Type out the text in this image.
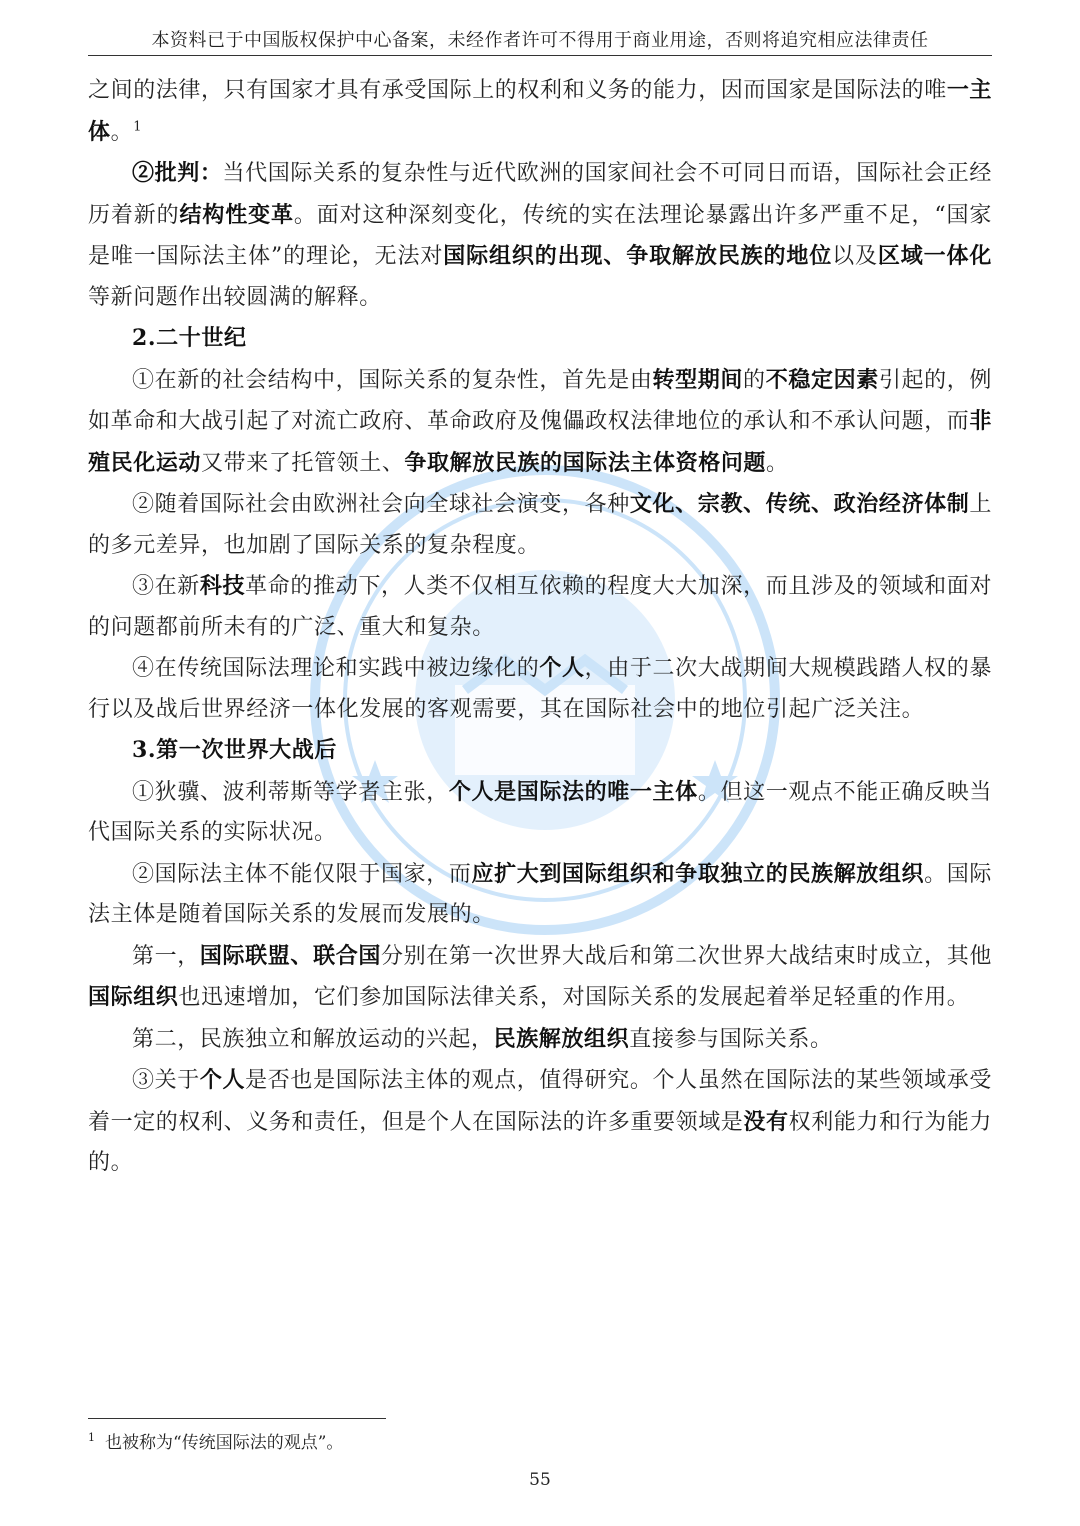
本资料已于中国版权保护中心备案，未经作者许可不得用于商业用途，否则将追究相应法律责任

之间的法律，只有国家才具有承受国际上的权利和义务的能力，因而国家是国际法的唯一主体。$^1$

②批判：当代国际关系的复杂性与近代欧洲的国家间社会不可同日而语，国际社会正经历着新的结构性变革。面对这种深刻变化，传统的实在法理论暴露出许多严重不足，“国家是唯一国际法主体”的理论，无法对国际组织的出现、争取解放民族的地位以及区域一体化等新问题作出较圆满的解释。

2.二十世纪

①在新的社会结构中，国际关系的复杂性，首先是由转型期间的不稳定因素引起的，例如革命和大战引起了对流亡政府、革命政府及傀儡政权法律地位的承认和不承认问题，而非殖民化运动又带来了托管领土、争取解放民族的国际法主体资格问题。

②随着国际社会由欧洲社会向全球社会演变，各种文化、宗教、传统、政治经济体制上的多元差异，也加剧了国际关系的复杂程度。

③在新科技革命的推动下，人类不仅相互依赖的程度大大加深，而且涉及的领域和面对的问题都前所未有的广泛、重大和复杂。

④在传统国际法理论和实践中被边缘化的个人，由于二次大战期间大规模践踏人权的暴行以及战后世界经济一体化发展的客观需要，其在国际社会中的地位引起广泛关注。

3.第一次世界大战后

①狄骥、波利蒂斯等学者主张，个人是国际法的唯一主体。但这一观点不能正确反映当代国际关系的实际状况。

②国际法主体不能仅限于国家，而应扩大到国际组织和争取独立的民族解放组织。国际法主体是随着国际关系的发展而发展的。

第一，国际联盟、联合国分别在第一次世界大战后和第二次世界大战结束时成立，其他国际组织也迅速增加，它们参加国际法律关系，对国际关系的发展起着举足轻重的作用。

第二，民族独立和解放运动的兴起，民族解放组织直接参与国际关系。

③关于个人是否也是国际法主体的观点，值得研究。个人虽然在国际法的某些领域承受着一定的权利、义务和责任，但是个人在国际法的许多重要领域是没有权利能力和行为能力的。

$^1$ 也被称为“传统国际法的观点”。
55
